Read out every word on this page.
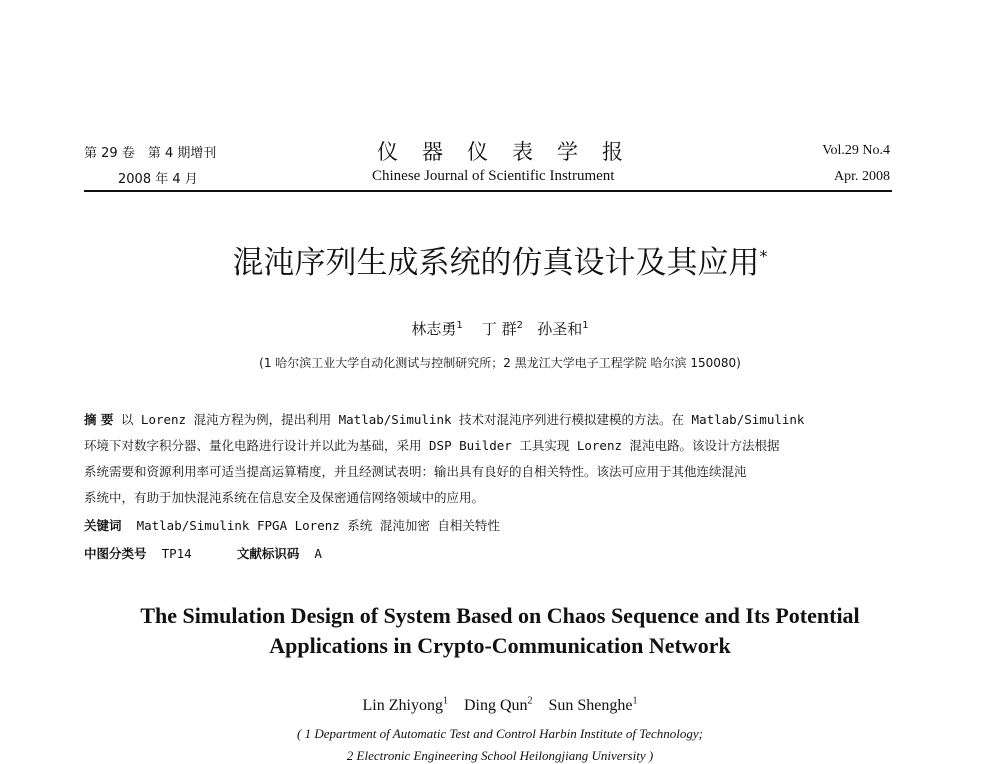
第 29 卷　第 4 期增刊
2008 年 4 月
仪器仪表学报
Chinese Journal of Scientific Instrument
Vol.29 No.4
Apr. 2008
混沌序列生成系统的仿真设计及其应用*
林志勇$^1$ 丁 群$^2$ 孙圣和$^1$
(1 哈尔滨工业大学自动化测试与控制研究所；2 黑龙江大学电子工程学院 哈尔滨 150080)
摘 要 以 Lorenz 混沌方程为例，提出利用 Matlab/Simulink 技术对混沌序列进行模拟建模的方法。在 Matlab/Simulink
环境下对数字积分器、量化电路进行设计并以此为基础，采用 DSP Builder 工具实现 Lorenz 混沌电路。该设计方法根据
系统需要和资源利用率可适当提高运算精度，并且经测试表明：输出具有良好的自相关特性。该法可应用于其他连续混沌
系统中，有助于加快混沌系统在信息安全及保密通信网络领域中的应用。
关键词 Matlab/Simulink FPGA Lorenz 系统 混沌加密 自相关特性
中图分类号 TP14	文献标识码 A
The Simulation Design of System Based on Chaos Sequence and Its Potential
Applications in Crypto-Communication Network
Lin Zhiyong$^1$ Ding Qun$^2$ Sun Shenghe$^1$
( 1 Department of Automatic Test and Control Harbin Institute of Technology;
2 Electronic Engineering School Heilongjiang University )
